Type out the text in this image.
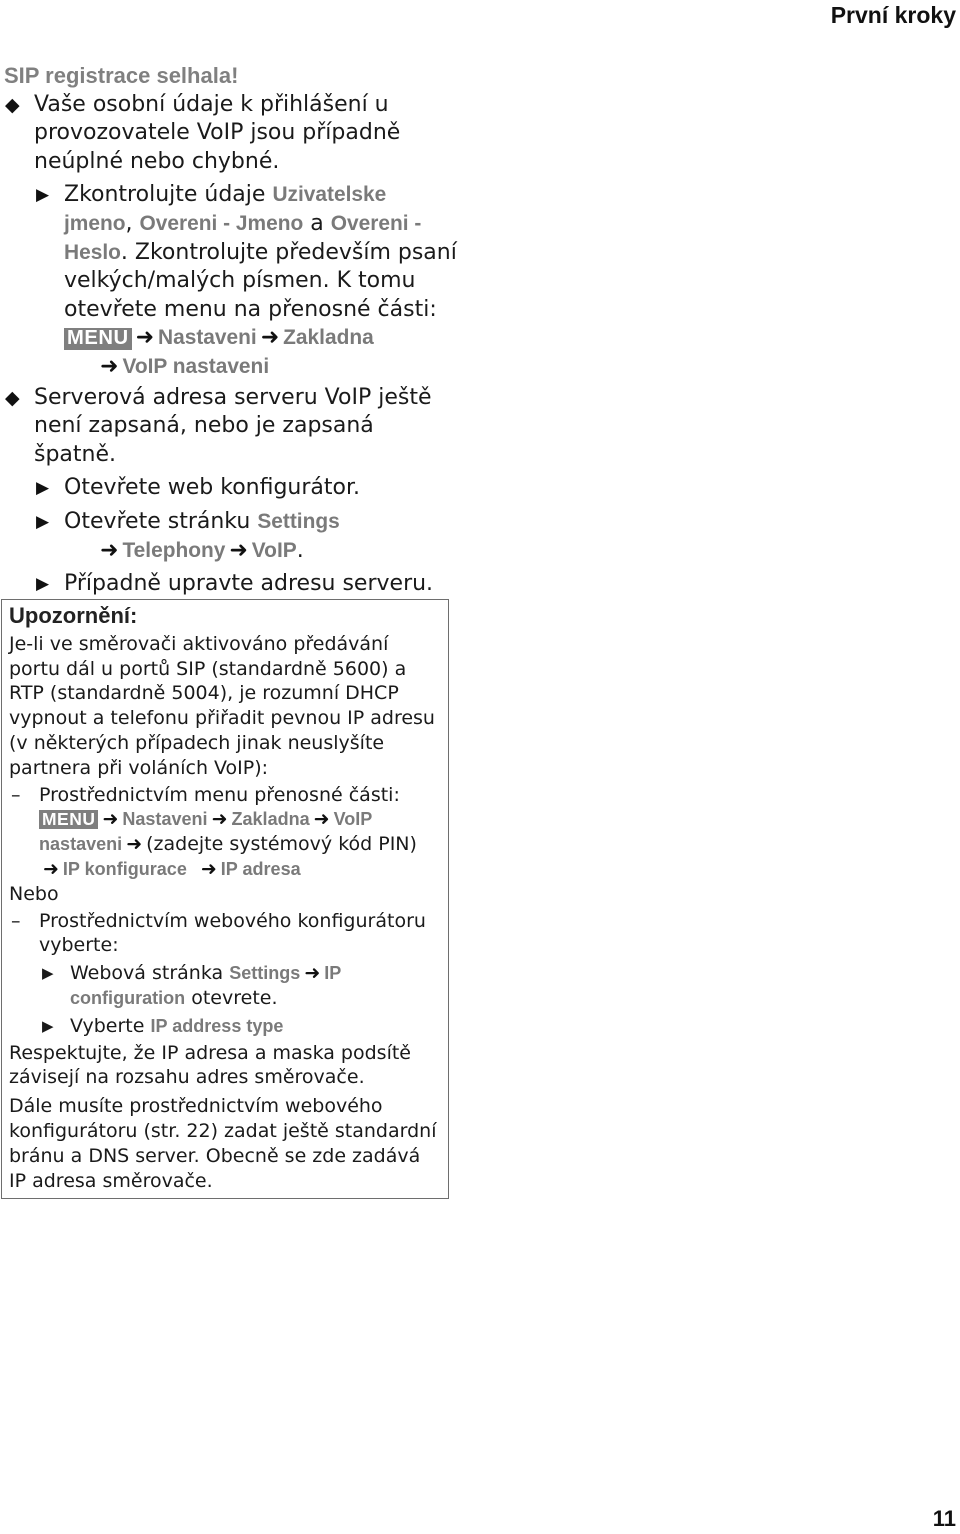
První kroky
SIP registrace selhala!
◆ Vaše osobní údaje k přihlášení u provozovatele VoIP jsou případně neúplné nebo chybné.
▶ Zkontrolujte údaje Uzivatelske jmeno, Overeni - Jmeno a Overeni - Heslo. Zkontrolujte především psaní velkých/malých písmen. K tomu otevřete menu na přenosné části: MENU ➜ Nastaveni ➜ Zakladna
➜ VoIP nastaveni
◆ Serverová adresa serveru VoIP ještě není zapsaná, nebo je zapsaná špatně.
▶ Otevřete web konfigurátor.
▶ Otevřete stránku Settings
➜ Telephony ➜ VoIP.
▶ Případně upravte adresu serveru.
Upozornění:
Je-li ve směrovači aktivováno předávání portu dál u portů SIP (standardně 5600) a RTP (standardně 5004), je rozumní DHCP vypnout a telefonu přiřadit pevnou IP adresu (v některých případech jinak neuslyšíte partnera při voláních VoIP):
– Prostřednictvím menu přenosné části:
MENU ➜ Nastaveni ➜ Zakladna ➜ VoIP
nastaveni ➜ (zadejte systémový kód PIN)
➜ IP konfigurace ➜ IP adresa
Nebo
– Prostřednictvím webového konfigurátoru vyberte:
▶ Webová stránka Settings ➜ IP
configuration otevrete.
▶ Vyberte IP address type
Respektujte, že IP adresa a maska podsítě závisejí na rozsahu adres směrovače.
Dále musíte prostřednictvím webového konfigurátoru (str. 22) zadat ještě standardní bránu a DNS server. Obecně se zde zadává IP adresa směrovače.
11
